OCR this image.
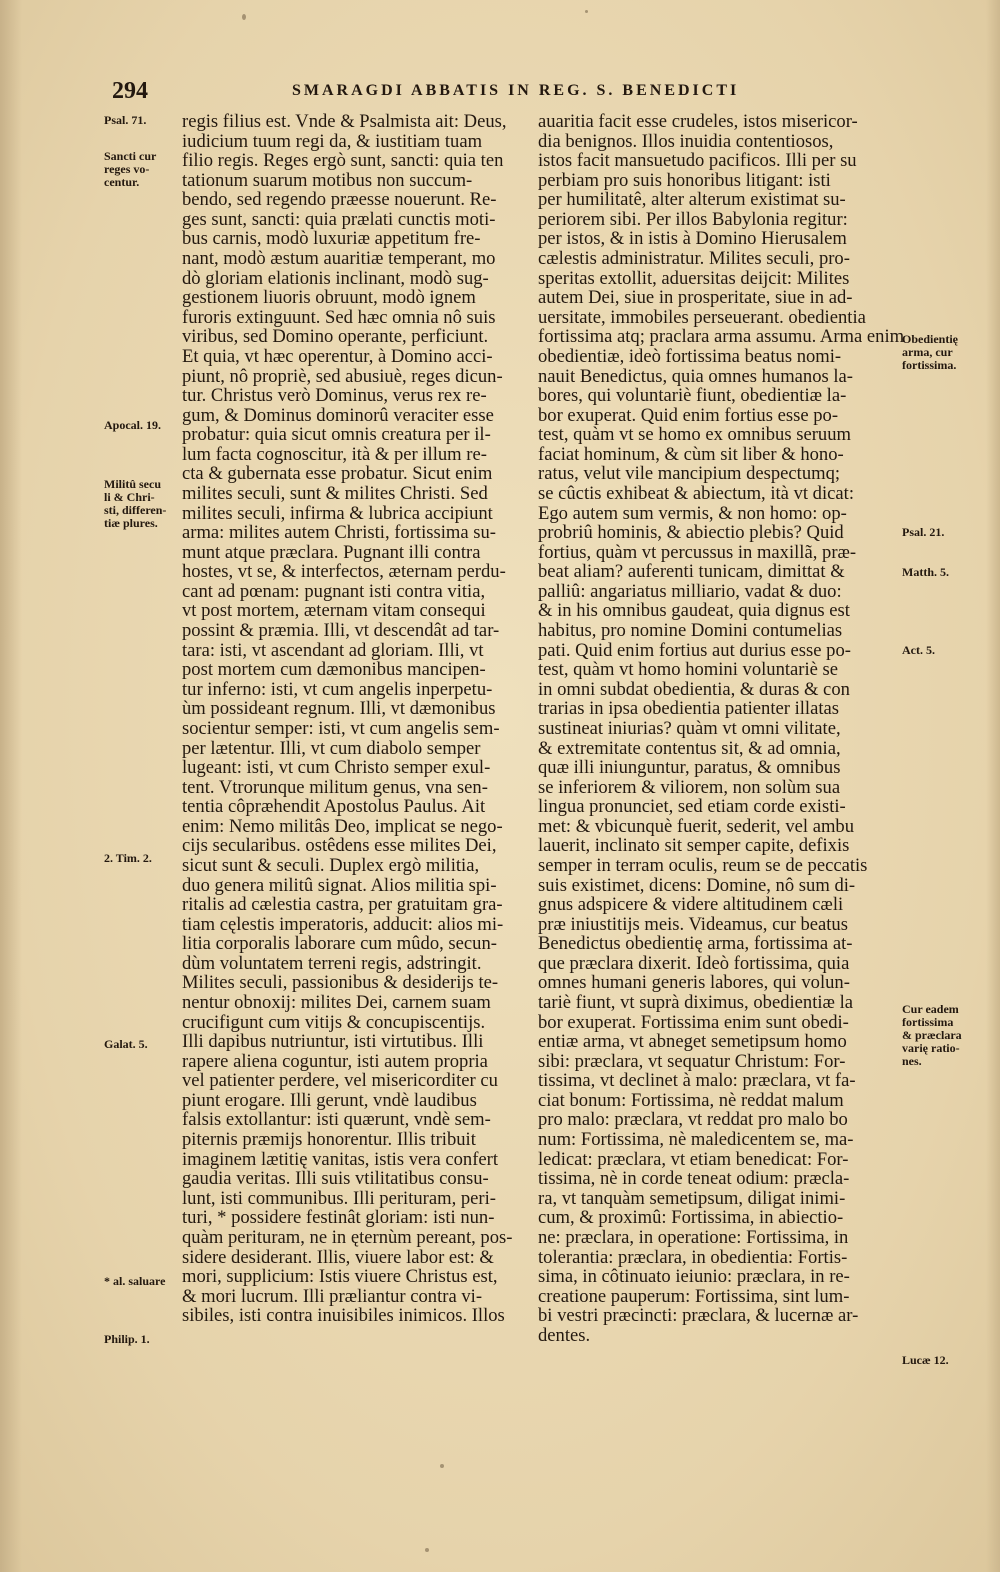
294	SMARAGDI ABBATIS IN REG. S. BENEDICTI
regis filius est. Vnde & Psalmista ait: Deus,
iudicium tuum regi da, & iustitiam tuam
filio regis. Reges ergò sunt, sancti: quia ten
tationum suarum motibus non succum-
bendo, sed regendo præesse nouerunt. Re-
ges sunt, sancti: quia prælati cunctis moti-
bus carnis, modò luxuriæ appetitum fre-
nant, modò æstum auaritiæ temperant, mo
dò gloriam elationis inclinant, modò sug-
gestionem liuoris obruunt, modò ignem
furoris extinguunt. Sed hæc omnia nô suis
viribus, sed Domino operante, perficiunt.
Et quia, vt hæc operentur, à Domino acci-
piunt, nô propriè, sed abusiuè, reges dicun-
tur. Christus verò Dominus, verus rex re-
gum, & Dominus dominorû veraciter esse
probatur: quia sicut omnis creatura per il-
lum facta cognoscitur, ità & per illum re-
cta & gubernata esse probatur. Sicut enim
milites seculi, sunt & milites Christi. Sed
milites seculi, infirma & lubrica accipiunt
arma: milites autem Christi, fortissima su-
munt atque præclara. Pugnant illi contra
hostes, vt se, & interfectos, æternam perdu-
cant ad pœnam: pugnant isti contra vitia,
vt post mortem, æternam vitam consequi
possint & præmia. Illi, vt descendât ad tar-
tara: isti, vt ascendant ad gloriam. Illi, vt
post mortem cum dæmonibus mancipen-
tur inferno: isti, vt cum angelis inperpetu-
ùm possideant regnum. Illi, vt dæmonibus
socientur semper: isti, vt cum angelis sem-
per lætentur. Illi, vt cum diabolo semper
lugeant: isti, vt cum Christo semper exul-
tent. Vtrorunque militum genus, vna sen-
tentia côpræhendit Apostolus Paulus. Ait
enim: Nemo militâs Deo, implicat se nego-
cijs secularibus. ostêdens esse milites Dei,
sicut sunt & seculi. Duplex ergò militia,
duo genera militû signat. Alios militia spi-
ritalis ad cælestia castra, per gratuitam gra-
tiam cęlestis imperatoris, adducit: alios mi-
litia corporalis laborare cum mûdo, secun-
dùm voluntatem terreni regis, adstringit.
Milites seculi, passionibus & desiderijs te-
nentur obnoxij: milites Dei, carnem suam
crucifigunt cum vitijs & concupiscentijs.
Illi dapibus nutriuntur, isti virtutibus. Illi
rapere aliena coguntur, isti autem propria
vel patienter perdere, vel misericorditer cu
piunt erogare. Illi gerunt, vndè laudibus
falsis extollantur: isti quærunt, vndè sem-
piternis præmijs honorentur. Illis tribuit
imaginem lætitię vanitas, istis vera confert
gaudia veritas. Illi suis vtilitatibus consu-
lunt, isti communibus. Illi perituram, peri-
turi, * possidere festinât gloriam: isti nun-
quàm perituram, ne in ęternùm pereant, pos-
sidere desiderant. Illis, viuere labor est: &
mori, supplicium: Istis viuere Christus est,
& mori lucrum. Illi præliantur contra vi-
sibiles, isti contra inuisibiles inimicos. Illos
auaritia facit esse crudeles, istos misericor-
dia benignos. Illos inuidia contentiosos,
istos facit mansuetudo pacificos. Illi per su
perbiam pro suis honoribus litigant: isti
per humilitatê, alter alterum existimat su-
periorem sibi. Per illos Babylonia regitur:
per istos, & in istis à Domino Hierusalem
cælestis administratur. Milites seculi, pro-
speritas extollit, aduersitas deijcit: Milites
autem Dei, siue in prosperitate, siue in ad-
uersitate, immobiles perseuerant. obedientia
fortissima atq; praclara arma assumu. Arma enim
obedientiæ, ideò fortissima beatus nomi-
nauit Benedictus, quia omnes humanos la-
bores, qui voluntariè fiunt, obedientiæ la-
bor exuperat. Quid enim fortius esse po-
test, quàm vt se homo ex omnibus seruum
faciat hominum, & cùm sit liber & hono-
ratus, velut vile mancipium despectumq;
se cûctis exhibeat & abiectum, ità vt dicat:
Ego autem sum vermis, & non homo: op-
probriû hominis, & abiectio plebis? Quid
fortius, quàm vt percussus in maxillã, præ-
beat aliam? auferenti tunicam, dimittat &
palliû: angariatus milliario, vadat & duo:
& in his omnibus gaudeat, quia dignus est
habitus, pro nomine Domini contumelias
pati. Quid enim fortius aut durius esse po-
test, quàm vt homo homini voluntariè se
in omni subdat obedientia, & duras & con
trarias in ipsa obedientia patienter illatas
sustineat iniurias? quàm vt omni vilitate,
& extremitate contentus sit, & ad omnia,
quæ illi iniunguntur, paratus, & omnibus
se inferiorem & viliorem, non solùm sua
lingua pronunciet, sed etiam corde existi-
met: & vbicunquè fuerit, sederit, vel ambu
lauerit, inclinato sit semper capite, defixis
semper in terram oculis, reum se de peccatis
suis existimet, dicens: Domine, nô sum di-
gnus adspicere & videre altitudinem cæli
præ iniustitijs meis. Videamus, cur beatus
Benedictus obedientię arma, fortissima at-
que præclara dixerit. Ideò fortissima, quia
omnes humani generis labores, qui volun-
tariè fiunt, vt suprà diximus, obedientiæ la
bor exuperat. Fortissima enim sunt obedi-
entiæ arma, vt abneget semetipsum homo
sibi: præclara, vt sequatur Christum: For-
tissima, vt declinet à malo: præclara, vt fa-
ciat bonum: Fortissima, nè reddat malum
pro malo: præclara, vt reddat pro malo bo
num: Fortissima, nè maledicentem se, ma-
ledicat: præclara, vt etiam benedicat: For-
tissima, nè in corde teneat odium: præcla-
ra, vt tanquàm semetipsum, diligat inimi-
cum, & proximû: Fortissima, in abiectio-
ne: præclara, in operatione: Fortissima, in
tolerantia: præclara, in obedientia: Fortis-
sima, in côtinuato ieiunio: præclara, in re-
creatione pauperum: Fortissima, sint lum-
bi vestri præcincti: præclara, & lucernæ ar-
dentes.
Psal. 71.
Sancti cur
reges vo-
centur.
Apocal. 19.
Militû secu
li & Chri-
sti, differen-
tiæ plures.
2. Tim. 2.
Galat. 5.
* al. saluare
Philip. 1.
Obedientię
arma, cur
fortissima.
Psal. 21.
Matth. 5.
Act. 5.
Cur eadem
fortissima
& præclara
varię ratio-
nes.
Lucæ 12.
